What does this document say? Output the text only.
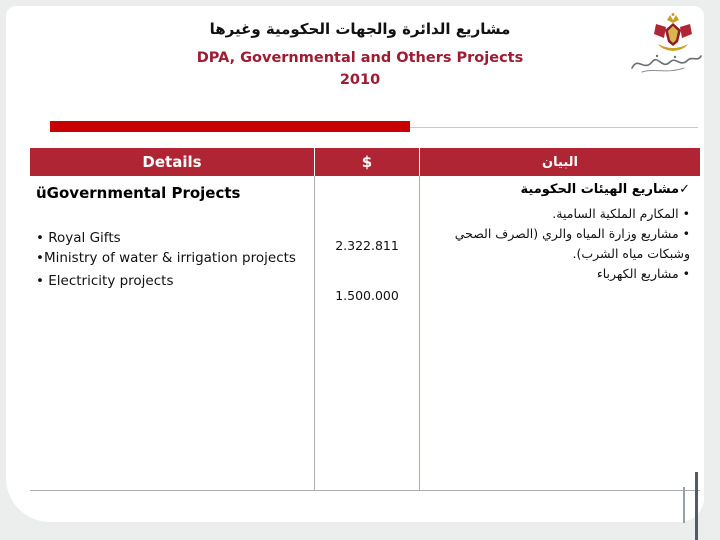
مشاريع الدائرة والجهات الحكومية وغيرها
DPA, Governmental and Others Projects
2010
Details	$	البيان
üGovernmental Projects
• Royal Gifts
•Ministry of water & irrigation projects
• Electricity projects
2.322.811
1.500.000
✓مشاريع الهيئات الحكومية
• المكارم الملكية السامية.
• مشاريع وزارة المياه والري (الصرف الصحي وشبكات مياه الشرب).
• مشاريع الكهرباء
